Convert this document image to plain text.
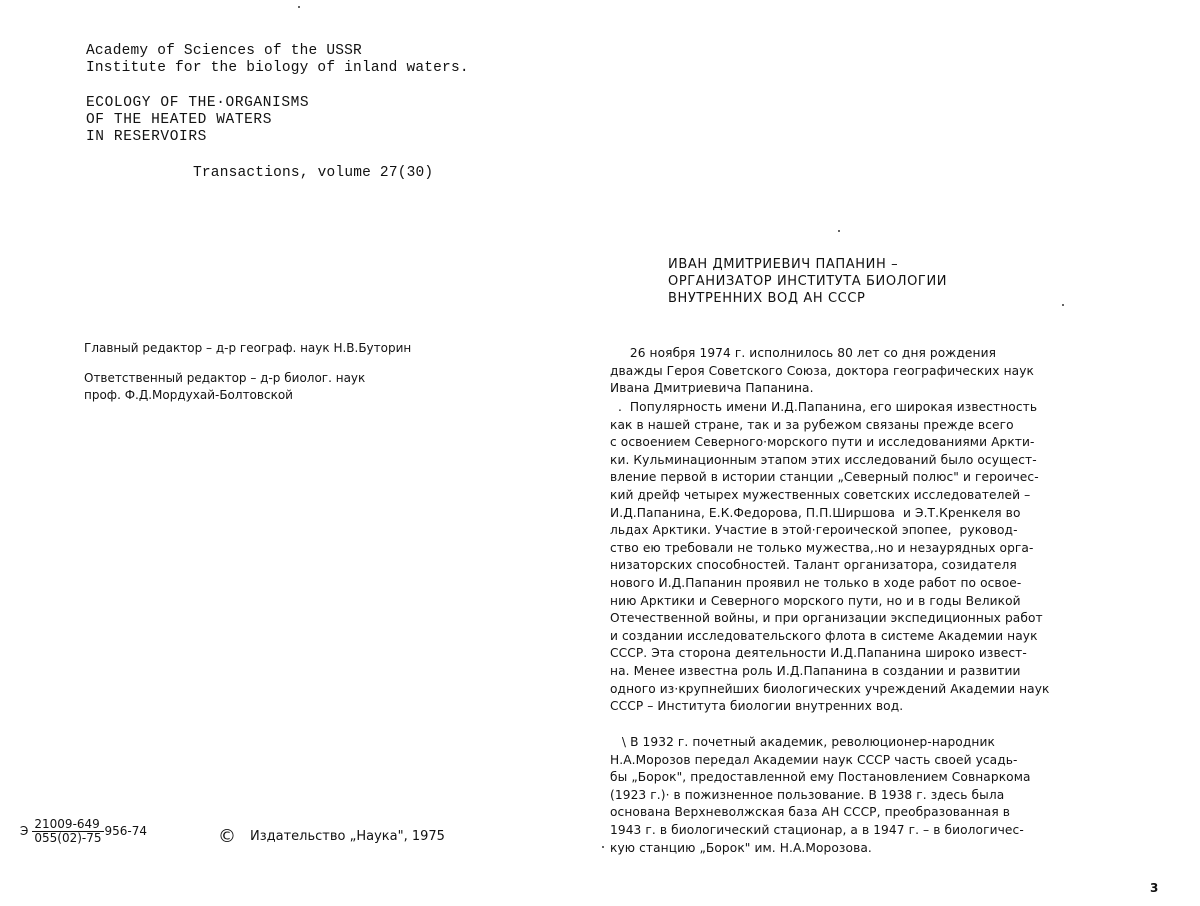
Academy of Sciences of the USSR
Institute for the biology of inland waters.
ECOLOGY OF THE·ORGANISMS
OF THE HEATED WATERS
IN RESERVOIRS
Transactions, volume 27(30)
Главный редактор – д-р географ. наук Н.В.Буторин
Ответственный редактор – д-р биолог. наук
проф. Ф.Д.Мордухай-Болтовской
Э $\frac{21009-649}{055(02)-75} 956-74$	© Издательство „Наука", 1975
ИВАН ДМИТРИЕВИЧ ПАПАНИН –
ОРГАНИЗАТОР ИНСТИТУТА БИОЛОГИИ
ВНУТРЕННИХ ВОД АН СССР
26 ноября 1974 г. исполнилось 80 лет со дня рождения
дважды Героя Советского Союза, доктора географических наук
Ивана Дмитриевича Папанина.
.  Популярность имени И.Д.Папанина, его широкая известность
как в нашей стране, так и за рубежом связаны прежде всего
с освоением Северного·морского пути и исследованиями Аркти-
ки. Кульминационным этапом этих исследований было осущест-
вление первой в истории станции „Северный полюс" и героичес-
кий дрейф четырех мужественных советских исследователей –
И.Д.Папанина, Е.К.Федорова, П.П.Ширшова  и Э.Т.Кренкеля во
льдах Арктики. Участие в этой·героической эпопее,  руковод-
ство ею требовали не только мужества,.но и незаурядных орга-
низаторских способностей. Талант организатора, созидателя
нового И.Д.Папанин проявил не только в ходе работ по освое-
нию Арктики и Северного морского пути, но и в годы Великой
Отечественной войны, и при организации экспедиционных работ
и создании исследовательского флота в системе Академии наук
СССР. Эта сторона деятельности И.Д.Папанина широко извест-
на. Менее известна роль И.Д.Папанина в создании и развитии
одного из·крупнейших биологических учреждений Академии наук
СССР – Института биологии внутренних вод.
\ В 1932 г. почетный академик, революционер-народник
Н.А.Морозов передал Академии наук СССР часть своей усадь-
бы „Борок", предоставленной ему Постановлением Совнаркома
(1923 г.)· в пожизненное пользование. В 1938 г. здесь была
основана Верхневолжская база АН СССР, преобразованная в
1943 г. в биологический стационар, а в 1947 г. – в биологичес-
кую станцию „Борок" им. Н.А.Морозова.
3
